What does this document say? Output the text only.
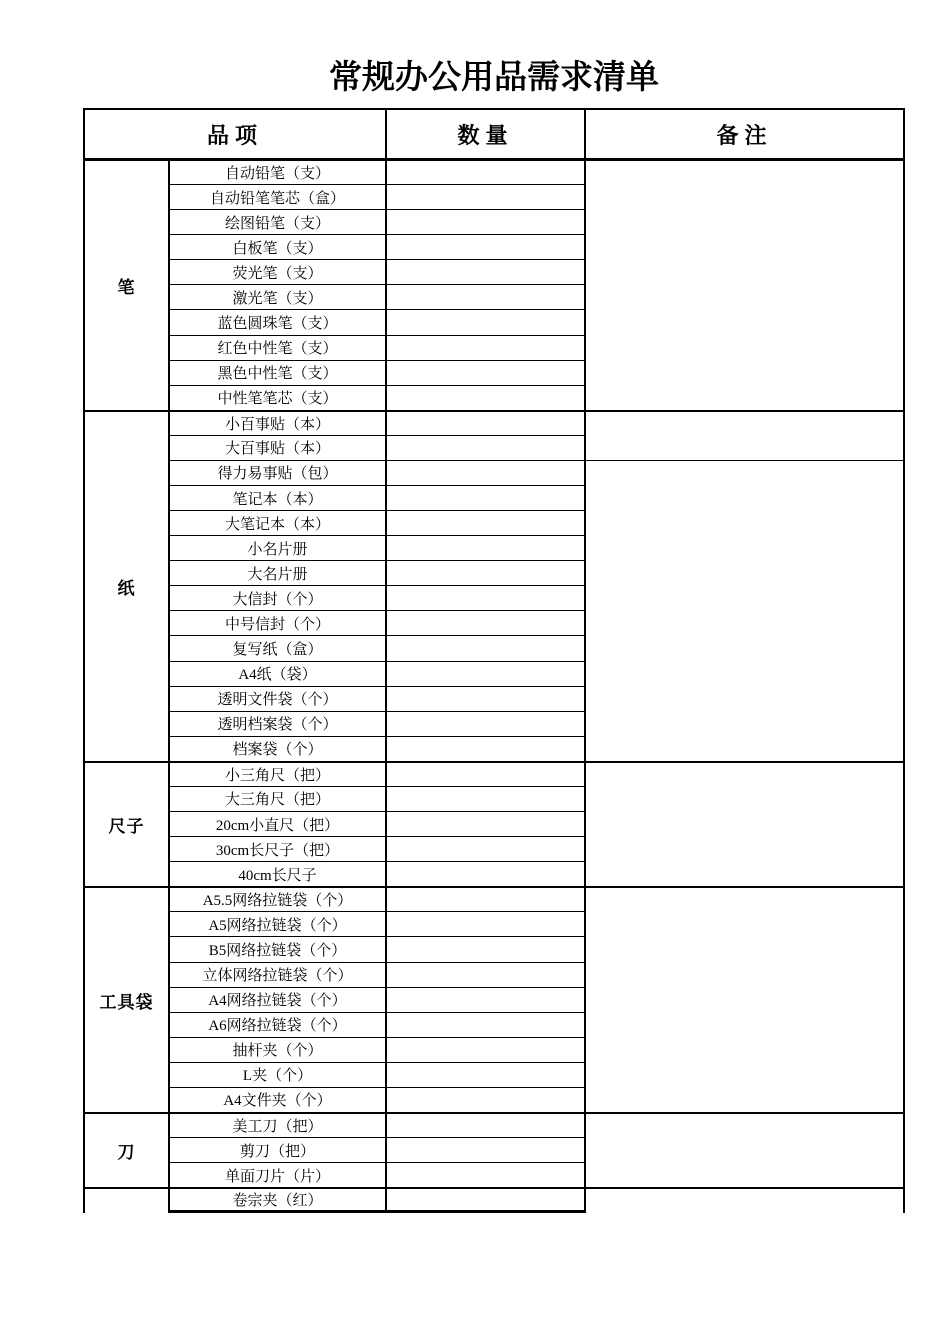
常规办公用品需求清单
品项	数量	备注
笔
自动铅笔（支）
自动铅笔笔芯（盒）
绘图铅笔（支）
白板笔（支）
荧光笔（支）
激光笔（支）
蓝色圆珠笔（支）
红色中性笔（支）
黑色中性笔（支）
中性笔笔芯（支）
纸
小百事贴（本）
大百事贴（本）
得力易事贴（包）
笔记本（本）
大笔记本（本）
小名片册
大名片册
大信封（个）
中号信封（个）
复写纸（盒）
A4纸（袋）
透明文件袋（个）
透明档案袋（个）
档案袋（个）
尺子
小三角尺（把）
大三角尺（把）
20cm小直尺（把）
30cm长尺子（把）
40cm长尺子
工具袋
A5.5网络拉链袋（个）
A5网络拉链袋（个）
B5网络拉链袋（个）
立体网络拉链袋（个）
A4网络拉链袋（个）
A6网络拉链袋（个）
抽杆夹（个）
L夹（个）
A4文件夹（个）
刀
美工刀（把）
剪刀（把）
单面刀片（片）
卷宗夹（红）
